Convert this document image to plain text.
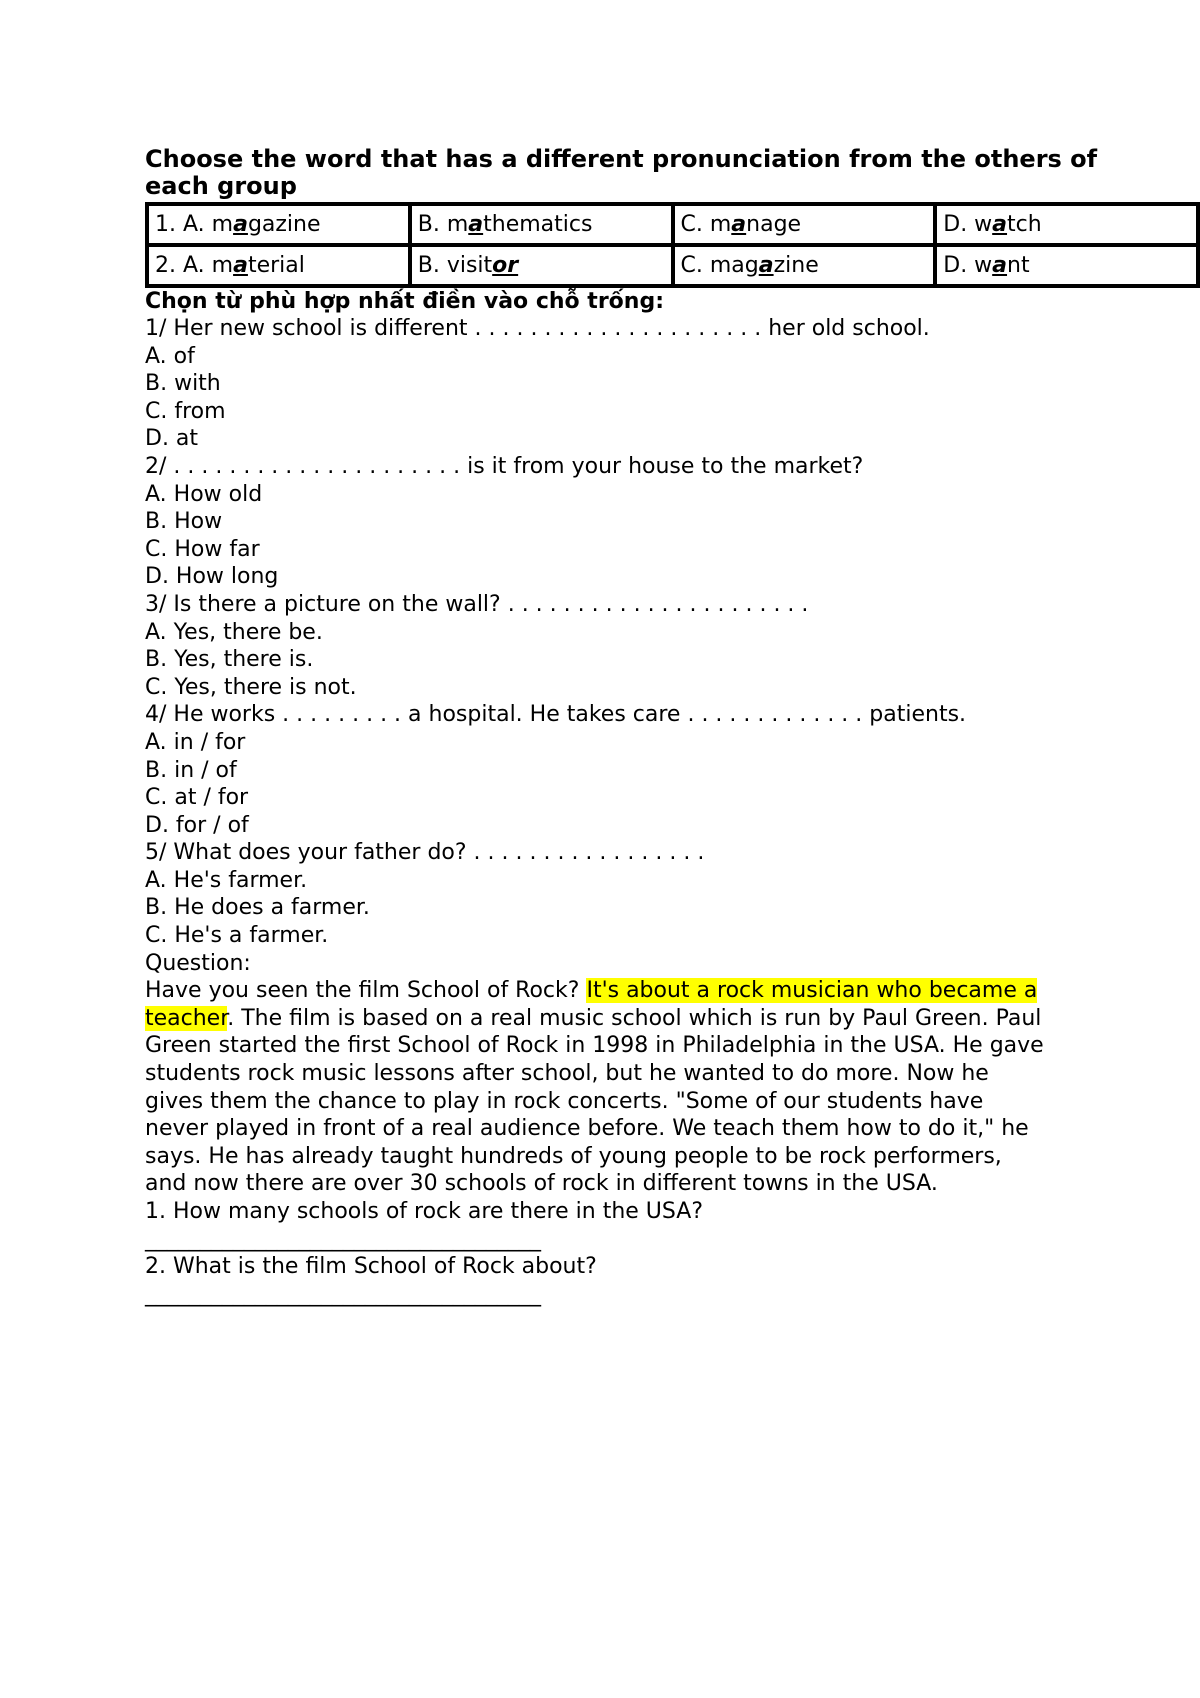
Choose the word that has a different pronunciation from the others of each group

1. A. magazine	B. mathematics	C. manage	D. watch
2. A. material	B. visitor	C. magazine	D. want

Chọn từ phù hợp nhất điền vào chỗ trống:

1/ Her new school is different . . . . . . . . . . . . . . . . . . . . . her old school.

A. of

B. with

C. from

D. at

2/ . . . . . . . . . . . . . . . . . . . . . is it from your house to the market?

A. How old

B. How

C. How far

D. How long

3/ Is there a picture on the wall? . . . . . . . . . . . . . . . . . . . . . .

A. Yes, there be.

B. Yes, there is.

C. Yes, there is not.

4/ He works . . . . . . . . . a hospital. He takes care . . . . . . . . . . . . . patients.

A. in / for

B. in / of

C. at / for

D. for / of

5/ What does your father do? . . . . . . . . . . . . . . . . .

A. He's farmer.

B. He does a farmer.

C. He's a farmer.

Question:

Have you seen the film School of Rock? It's about a rock musician who became a teacher. The film is based on a real music school which is run by Paul Green. Paul Green started the first School of Rock in 1998 in Philadelphia in the USA. He gave students rock music lessons after school, but he wanted to do more. Now he gives them the chance to play in rock concerts. "Some of our students have never played in front of a real audience before. We teach them how to do it," he says. He has already taught hundreds of young people to be rock performers, and now there are over 30 schools of rock in different towns in the USA.

1. How many schools of rock are there in the USA?

____________________________________

2. What is the film School of Rock about?

____________________________________
